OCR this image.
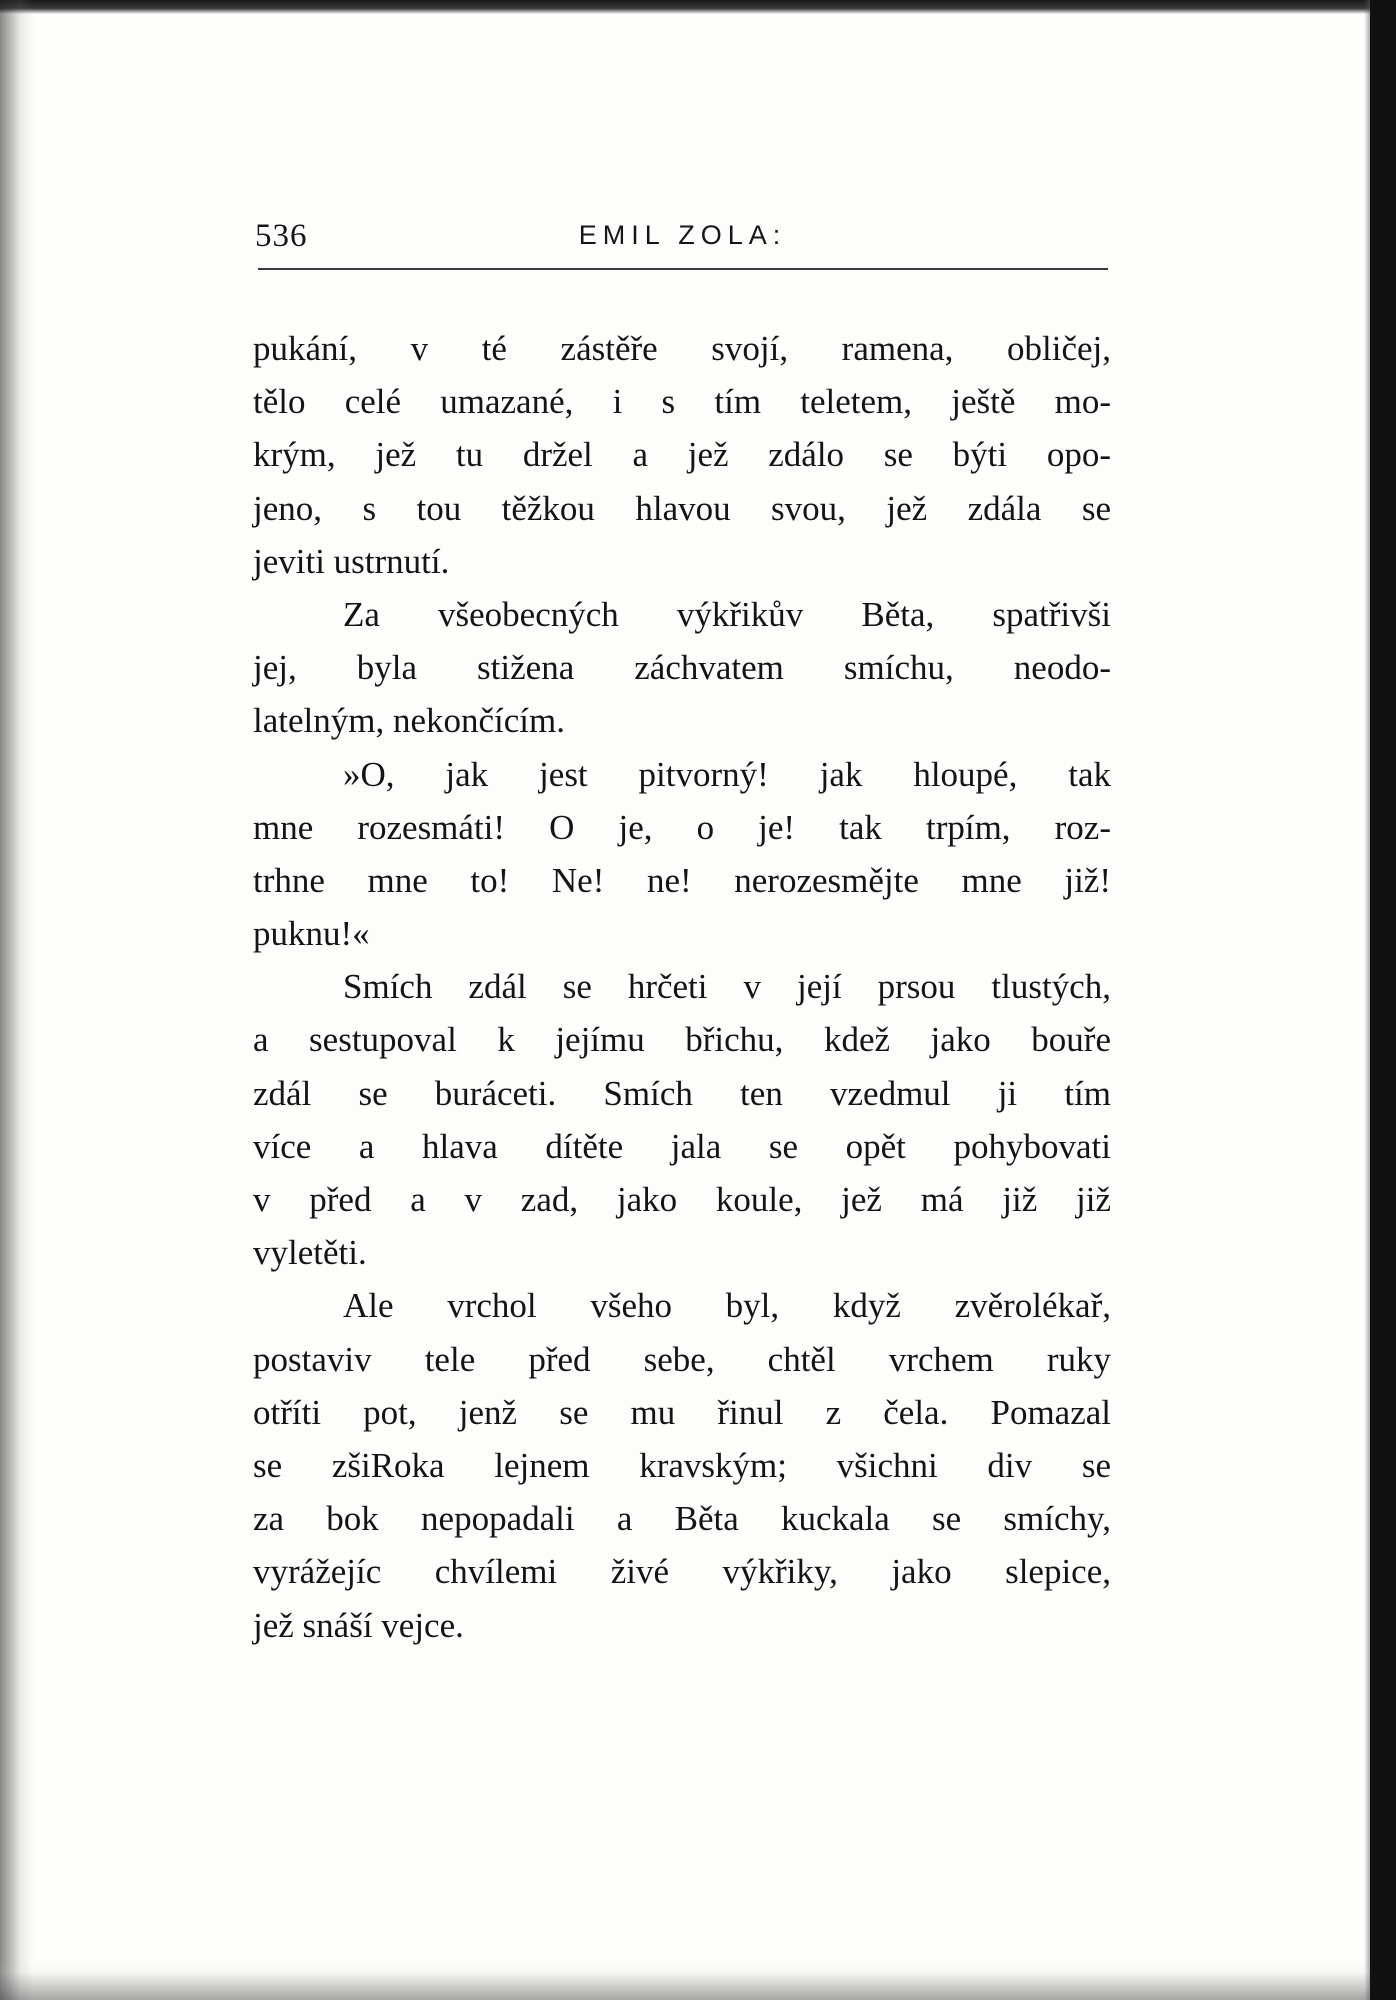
536	EMIL ZOLA:
pukání, v té zástěře svojí, ramena, obličej,
tělo celé umazané, i s tím teletem, ještě mo-
krým, jež tu držel a jež zdálo se býti opo-
jeno, s tou těžkou hlavou svou, jež zdála se
jeviti ustrnutí.
Za všeobecných výkřikův Běta, spatřivši
jej, byla stižena záchvatem smíchu, neodo-
latelným, nekončícím.
»O, jak jest pitvorný! jak hloupé, tak
mne rozesmáti! O je, o je! tak trpím, roz-
trhne mne to! Ne! ne! nerozesmějte mne již!
puknu!«
Smích zdál se hrčeti v její prsou tlustých,
a sestupoval k jejímu břichu, kdež jako bouře
zdál se buráceti. Smích ten vzedmul ji tím
více a hlava dítěte jala se opět pohybovati
v před a v zad, jako koule, jež má již již
vyletěti.
Ale vrchol všeho byl, když zvěrolékař,
postaviv tele před sebe, chtěl vrchem ruky
otříti pot, jenž se mu řinul z čela. Pomazal
se zšiRoka lejnem kravským; všichni div se
za bok nepopadali a Běta kuckala se smíchy,
vyrážejíc chvílemi živé výkřiky, jako slepice,
jež snáší vejce.
